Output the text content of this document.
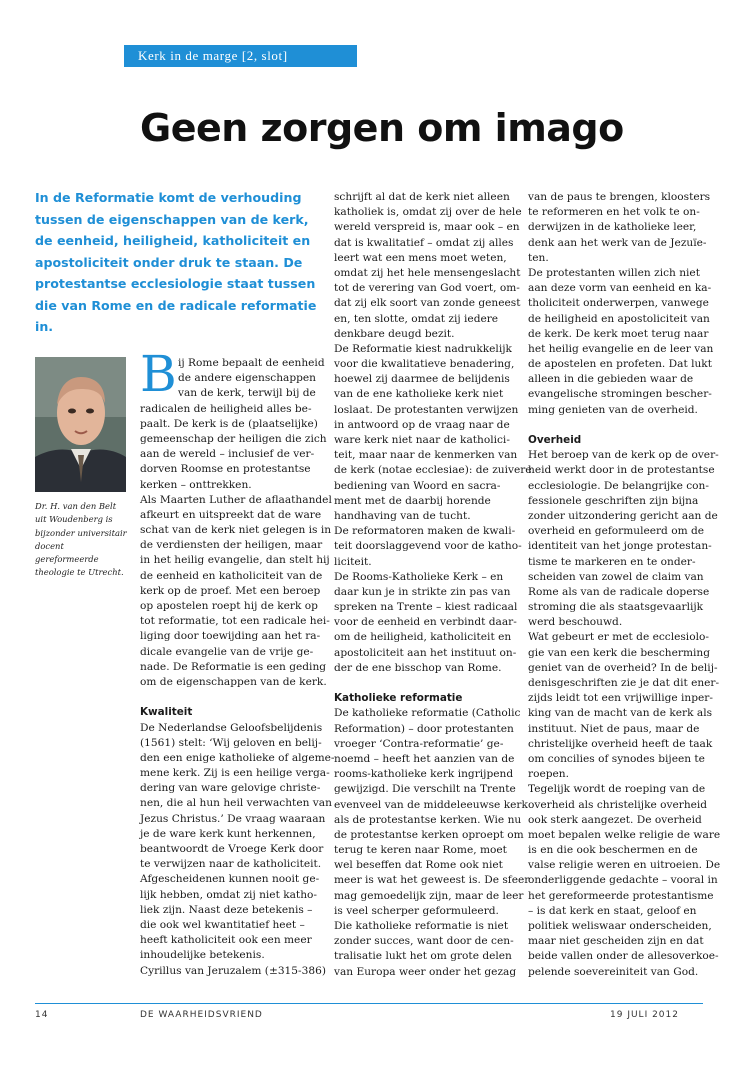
Kerk in de marge [2, slot]
Geen zorgen om imago

In de Reformatie komt de verhouding tussen de eigenschappen van de kerk, de eenheid, heiligheid, katholiciteit en apostoliciteit onder druk te staan. De protestantse ecclesiologie staat tussen die van Rome en de radicale reformatie in.

Dr. H. van den Belt uit Woudenberg is bijzonder universitair docent gereformeerde theologie te Utrecht.

B ij Rome bepaalt de eenheid
de andere eigenschappen
van de kerk, terwijl bij de
radicalen de heiligheid alles be-
paalt. De kerk is de (plaatselijke)
gemeenschap der heiligen die zich
aan de wereld – inclusief de ver-
dorven Roomse en protestantse
kerken – onttrekken.
Als Maarten Luther de aflaathandel
afkeurt en uitspreekt dat de ware
schat van de kerk niet gelegen is in
de verdiensten der heiligen, maar
in het heilig evangelie, dan stelt hij
de eenheid en katholiciteit van de
kerk op de proef. Met een beroep
op apostelen roept hij de kerk op
tot reformatie, tot een radicale hei-
liging door toewijding aan het ra-
dicale evangelie van de vrije ge-
nade. De Reformatie is een geding
om de eigenschappen van de kerk.
Kwaliteit
De Nederlandse Geloofsbelijdenis
(1561) stelt: ‘Wij geloven en belij-
den een enige katholieke of algeme-
mene kerk. Zij is een heilige verga-
dering van ware gelovige christe-
nen, die al hun heil verwachten van
Jezus Christus.’ De vraag waaraan
je de ware kerk kunt herkennen,
beantwoordt de Vroege Kerk door
te verwijzen naar de katholiciteit.
Afgescheidenen kunnen nooit ge-
lijk hebben, omdat zij niet kathо-
liek zijn. Naast deze betekenis –
die ook wel kwantitatief heet –
heeft katholiciteit ook een meer
inhoudelijke betekenis.
Cyrillus van Jeruzalem (±315-386)
schrijft al dat de kerk niet alleen
katholiek is, omdat zij over de hele
wereld verspreid is, maar ook – en
dat is kwalitatief – omdat zij alles
leert wat een mens moet weten,
omdat zij het hele mensengeslacht
tot de verering van God voert, om-
dat zij elk soort van zonde geneest
en, ten slotte, omdat zij iedere
denkbare deugd bezit.
De Reformatie kiest nadrukkelijk
voor die kwalitatieve benadering,
hoewel zij daarmee de belijdenis
van de ene katholieke kerk niet
loslaat. De protestanten verwijzen
in antwoord op de vraag naar de
ware kerk niet naar de katholici-
teit, maar naar de kenmerken van
de kerk (notae ecclesiae): de zuivere
bediening van Woord en sacra-
ment met de daarbij horende
handhaving van de tucht.
De reformatoren maken de kwali-
teit doorslaggevend voor de katho-
liciteit.
De Rooms-Katholieke Kerk – en
daar kun je in strikte zin pas van
spreken na Trente – kiest radicaal
voor de eenheid en verbindt daar-
om de heiligheid, katholiciteit en
apostoliciteit aan het instituut on-
der de ene bisschop van Rome.
Katholieke reformatie
De katholieke reformatie (Catholic
Reformation) – door protestanten
vroeger ‘Contra-reformatie’ ge-
noemd – heeft het aanzien van de
rooms-katholieke kerk ingrijpend
gewijzigd. Die verschilt na Trente
evenveel van de middeleeuwse kerk
als de protestantse kerken. Wie nu
de protestantse kerken oproept om
terug te keren naar Rome, moet
wel beseffen dat Rome ook niet
meer is wat het geweest is. De sfeer
mag gemoedelijk zijn, maar de leer
is veel scherper geformuleerd.
Die katholieke reformatie is niet
zonder succes, want door de cen-
tralisatie lukt het om grote delen
van Europa weer onder het gezag
van de paus te brengen, kloosters
te reformeren en het volk te on-
derwijzen in de katholieke leer,
denk aan het werk van de Jezuïe-
ten.
De protestanten willen zich niet
aan deze vorm van eenheid en ka-
tholiciteit onderwerpen, vanwege
de heiligheid en apostoliciteit van
de kerk. De kerk moet terug naar
het heilig evangelie en de leer van
de apostelen en profeten. Dat lukt
alleen in die gebieden waar de
evangelische stromingen bescher-
ming genieten van de overheid.
Overheid
Het beroep van de kerk op de over-
heid werkt door in de protestantse
ecclesiologie. De belangrijke con-
fessionele geschriften zijn bijna
zonder uitzondering gericht aan de
overheid en geformuleerd om de
identiteit van het jonge protestan-
tisme te markeren en te onder-
scheiden van zowel de claim van
Rome als van de radicale doperse
stroming die als staatsgevaarlijk
werd beschouwd.
Wat gebeurt er met de ecclesiolo-
gie van een kerk die bescherming
geniet van de overheid? In de belij-
denisgeschriften zie je dat dit ener-
zijds leidt tot een vrijwillige inper-
king van de macht van de kerk als
instituut. Niet de paus, maar de
christelijke overheid heeft de taak
om concilies of synodes bijeen te
roepen.
Tegelijk wordt de roeping van de
overheid als christelijke overheid
ook sterk aangezet. De overheid
moet bepalen welke religie de ware
is en die ook beschermen en de
valse religie weren en uitroeien. De
onderliggende gedachte – vooral in
het gereformeerde protestantisme
– is dat kerk en staat, geloof en
politiek weliswaar onderscheiden,
maar niet gescheiden zijn en dat
beide vallen onder de allesoverkoe-
pelende soevereiniteit van God.
14	DE WAARHEIDSVRIEND	19 JULI 2012
